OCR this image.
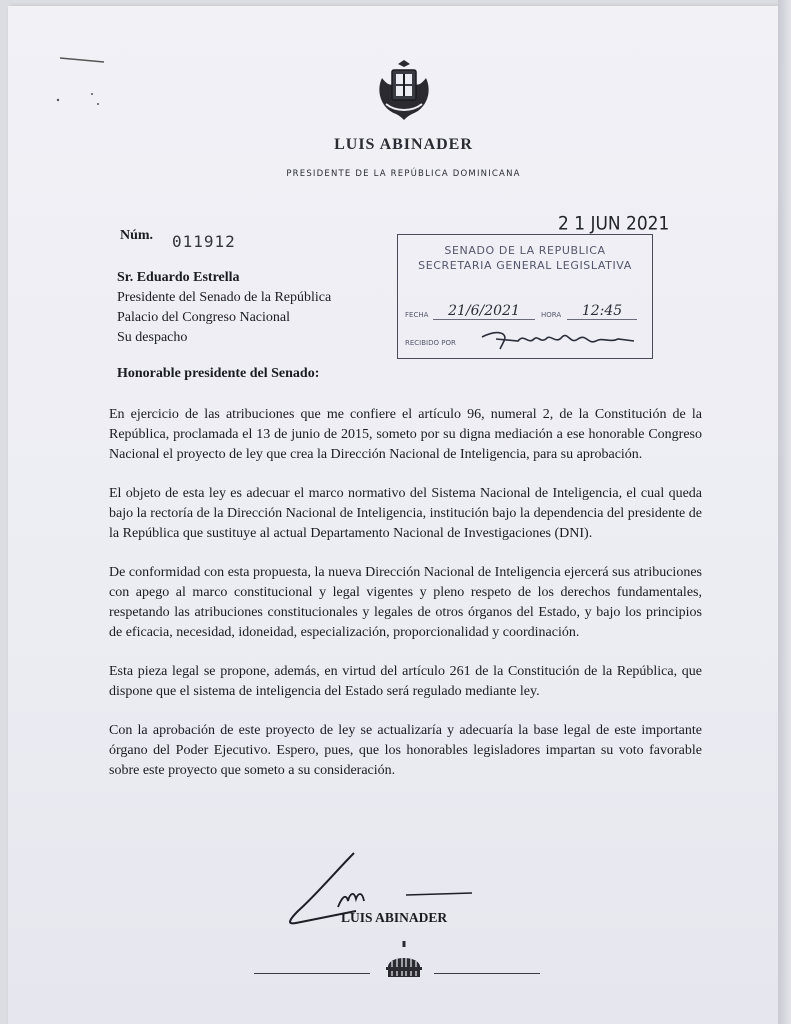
LUIS ABINADER
PRESIDENTE DE LA REPÚBLICA DOMINICANA
Núm. 011912
2 1 JUN 2021
SENADO DE LA REPUBLICA
SECRETARIA GENERAL LEGISLATIVA
FECHA	21/6/2021	HORA	12:45
RECIBIDO POR
Sr. Eduardo Estrella
Presidente del Senado de la República
Palacio del Congreso Nacional
Su despacho
Honorable presidente del Senado:

En ejercicio de las atribuciones que me confiere el artículo 96, numeral 2, de la Constitución de la República, proclamada el 13 de junio de 2015, someto por su digna mediación a ese honorable Congreso Nacional el proyecto de ley que crea la Dirección Nacional de Inteligencia, para su aprobación.

El objeto de esta ley es adecuar el marco normativo del Sistema Nacional de Inteligencia, el cual queda bajo la rectoría de la Dirección Nacional de Inteligencia, institución bajo la dependencia del presidente de la República que sustituye al actual Departamento Nacional de Investigaciones (DNI).

De conformidad con esta propuesta, la nueva Dirección Nacional de Inteligencia ejercerá sus atribuciones con apego al marco constitucional y legal vigentes y pleno respeto de los derechos fundamentales, respetando las atribuciones constitucionales y legales de otros órganos del Estado, y bajo los principios de eficacia, necesidad, idoneidad, especialización, proporcionalidad y coordinación.

Esta pieza legal se propone, además, en virtud del artículo 261 de la Constitución de la República, que dispone que el sistema de inteligencia del Estado será regulado mediante ley.

Con la aprobación de este proyecto de ley se actualizaría y adecuaría la base legal de este importante órgano del Poder Ejecutivo. Espero, pues, que los honorables legisladores impartan su voto favorable sobre este proyecto que someto a su consideración.

LUIS ABINADER
